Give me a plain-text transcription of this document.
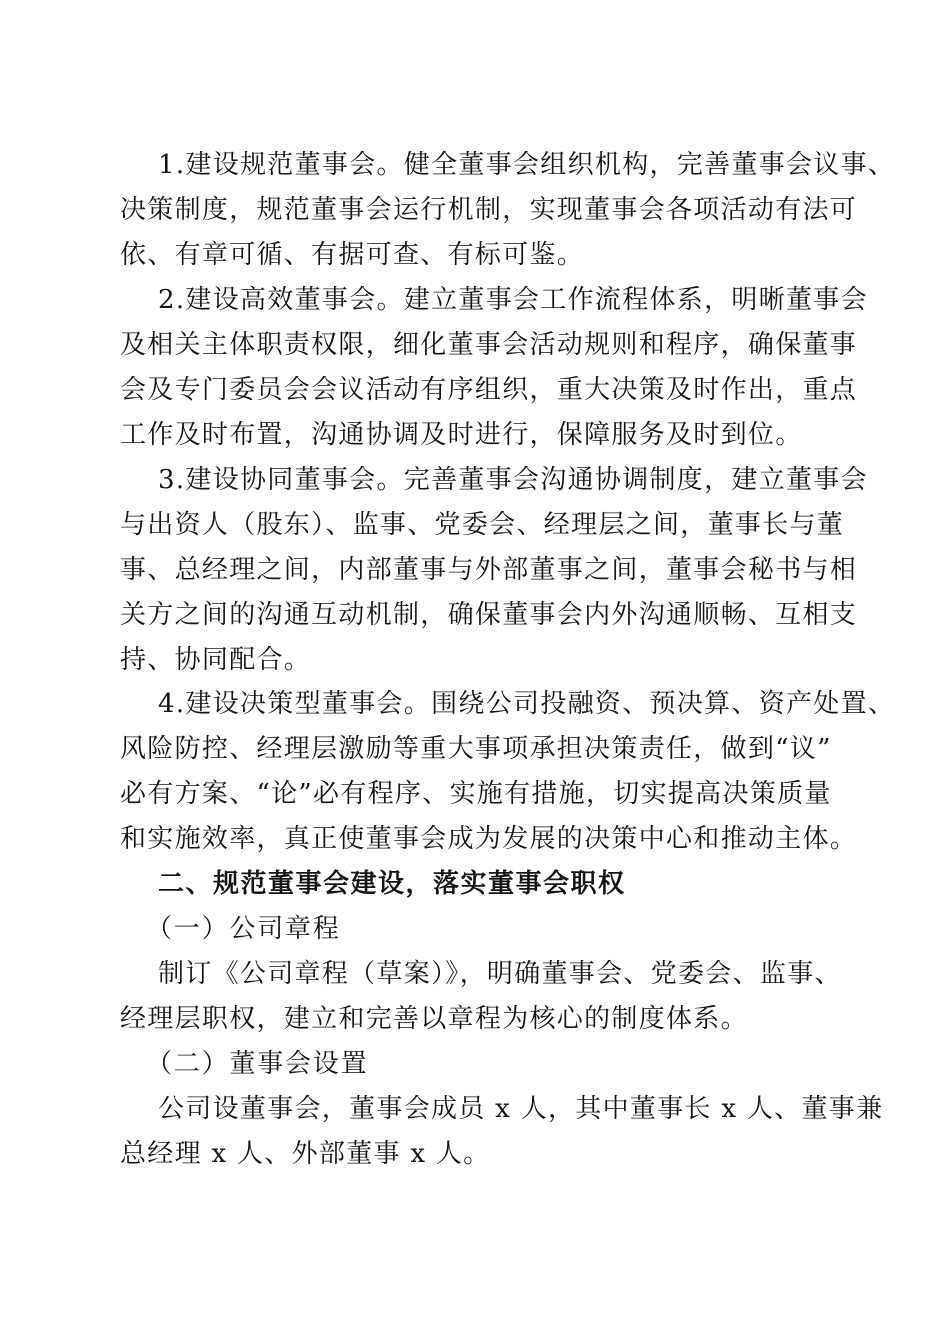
1.建设规范董事会。健全董事会组织机构，完善董事会议事、
决策制度，规范董事会运行机制，实现董事会各项活动有法可
依、有章可循、有据可查、有标可鉴。
2.建设高效董事会。建立董事会工作流程体系，明晰董事会
及相关主体职责权限，细化董事会活动规则和程序，确保董事
会及专门委员会会议活动有序组织，重大决策及时作出，重点
工作及时布置，沟通协调及时进行，保障服务及时到位。
3.建设协同董事会。完善董事会沟通协调制度，建立董事会
与出资人（股东）、监事、党委会、经理层之间，董事长与董
事、总经理之间，内部董事与外部董事之间，董事会秘书与相
关方之间的沟通互动机制，确保董事会内外沟通顺畅、互相支
持、协同配合。
4.建设决策型董事会。围绕公司投融资、预决算、资产处置、
风险防控、经理层激励等重大事项承担决策责任，做到“议”
必有方案、“论”必有程序、实施有措施，切实提高决策质量
和实施效率，真正使董事会成为发展的决策中心和推动主体。
二、规范董事会建设，落实董事会职权
（一）公司章程
制订《公司章程（草案）》，明确董事会、党委会、监事、
经理层职权，建立和完善以章程为核心的制度体系。
（二）董事会设置
公司设董事会，董事会成员 x 人，其中董事长 x 人、董事兼
总经理 x 人、外部董事 x 人。
